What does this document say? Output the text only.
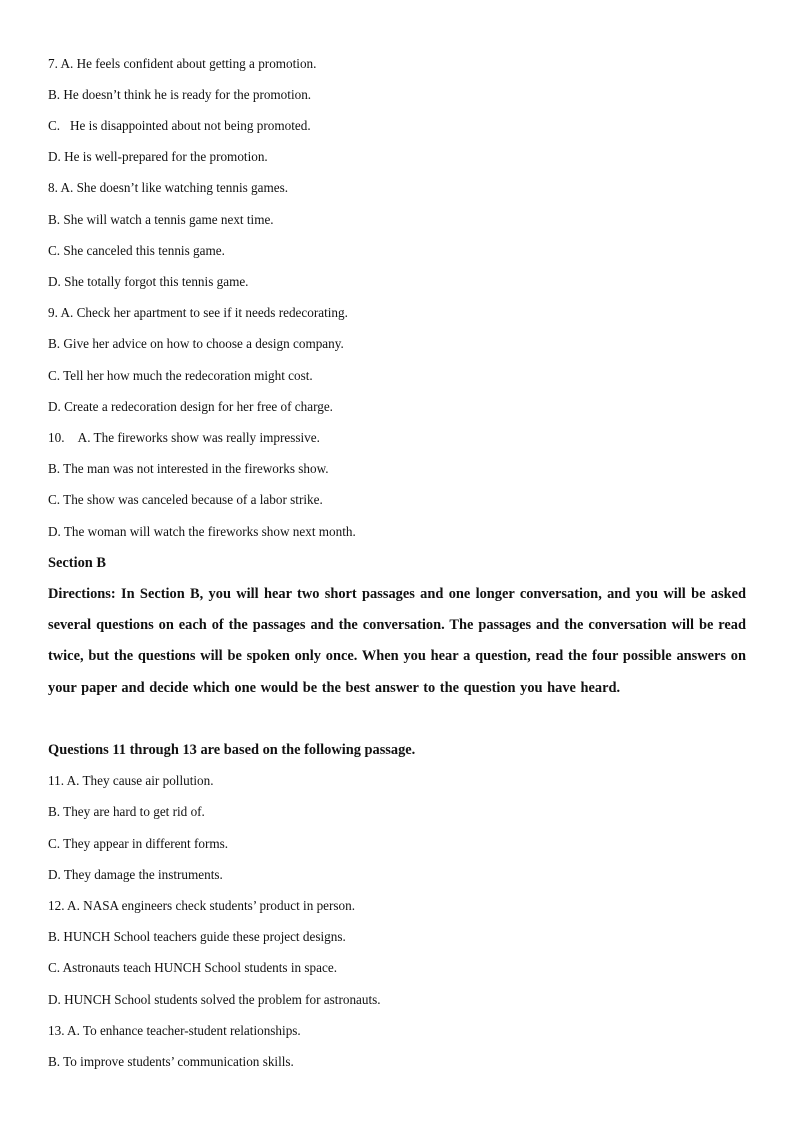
7. A. He feels confident about getting a promotion.
B. He doesn’t think he is ready for the promotion.
C.   He is disappointed about not being promoted.
D. He is well-prepared for the promotion.
8. A. She doesn’t like watching tennis games.
B. She will watch a tennis game next time.
C. She canceled this tennis game.
D. She totally forgot this tennis game.
9. A. Check her apartment to see if it needs redecorating.
B. Give her advice on how to choose a design company.
C. Tell her how much the redecoration might cost.
D. Create a redecoration design for her free of charge.
10.    A. The fireworks show was really impressive.
B. The man was not interested in the fireworks show.
C. The show was canceled because of a labor strike.
D. The woman will watch the fireworks show next month.
Section B
Directions: In Section B, you will hear two short passages and one longer conversation, and you will be asked several questions on each of the passages and the conversation. The passages and the conversation will be read twice, but the questions will be spoken only once. When you hear a question, read the four possible answers on your paper and decide which one would be the best answer to the question you have heard.
Questions 11 through 13 are based on the following passage.
11. A. They cause air pollution.
B. They are hard to get rid of.
C. They appear in different forms.
D. They damage the instruments.
12. A. NASA engineers check students’ product in person.
B. HUNCH School teachers guide these project designs.
C. Astronauts teach HUNCH School students in space.
D. HUNCH School students solved the problem for astronauts.
13. A. To enhance teacher-student relationships.
B. To improve students’ communication skills.
